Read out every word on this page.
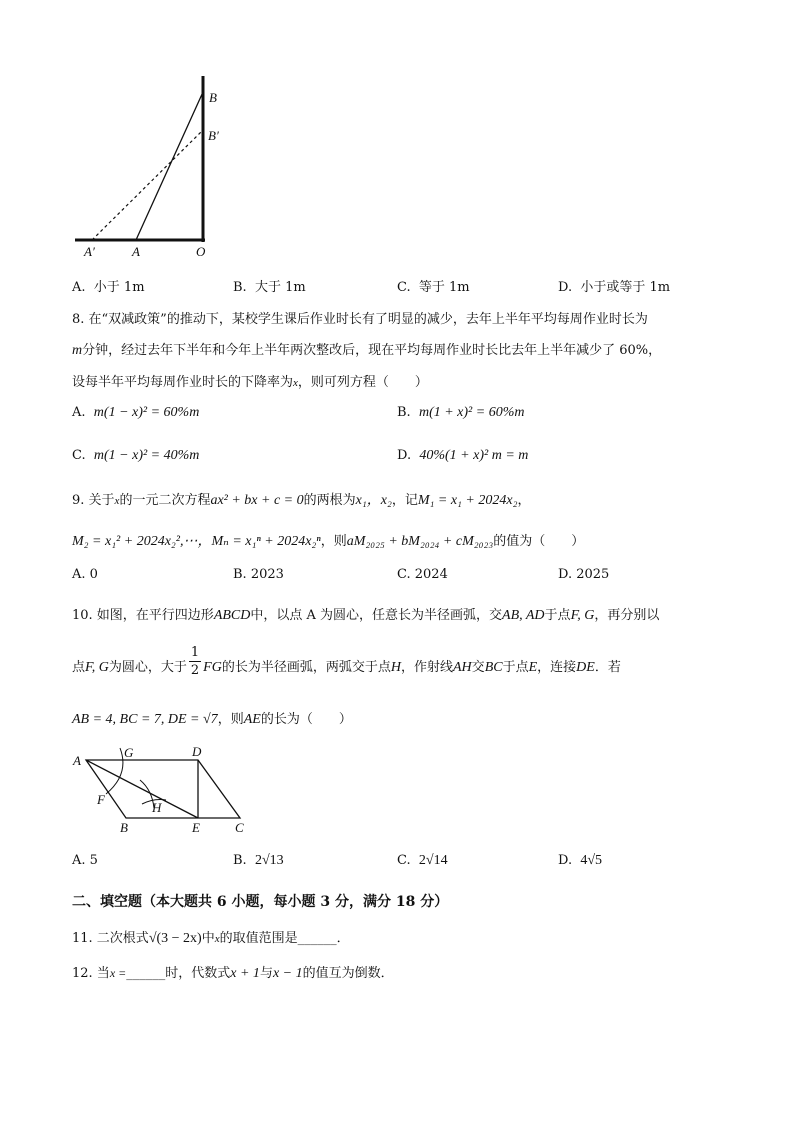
B
B′
A′	A	O
A. 小于 1m	B. 大于 1m	C. 等于 1m	D. 小于或等于 1m
8. 在“双减政策”的推动下，某校学生课后作业时长有了明显的减少，去年上半年平均每周作业时长为
m分钟，经过去年下半年和今年上半年两次整改后，现在平均每周作业时长比去年上半年减少了 60%，
设每半年平均每周作业时长的下降率为x，则可列方程（　　）
A. m(1 − x)² = 60%m	B. m(1 + x)² = 60%m
C. m(1 − x)² = 40%m	D. 40%(1 + x)² m = m
9. 关于x的一元二次方程ax² + bx + c = 0的两根为x₁，x₂，记M₁ = x₁ + 2024x₂，
M₂ = x₁² + 2024x₂²,⋯，Mₙ = x₁ⁿ + 2024x₂ⁿ，则aM₂₀₂₅ + bM₂₀₂₄ + cM₂₀₂₃的值为（　　）
A. 0	B. 2023	C. 2024	D. 2025
10. 如图，在平行四边形ABCD中，以点 A 为圆心，任意长为半径画弧，交AB, AD于点F, G，再分别以
点F, G为圆心，大于 $\frac{1}{2}$ FG的长为半径画弧，两弧交于点H，作射线AH交BC于点E，连接DE．若
AB = 4, BC = 7, DE = √7，则AE的长为（　　）
A
G	D
F
H
B	E	C
A. 5	B. 2√13	C. 2√14	D. 4√5
二、填空题（本大题共 6 小题，每小题 3 分，满分 18 分）
11. 二次根式√(3 − 2x)中x的取值范围是______．
12. 当x =______时，代数式x + 1与x − 1的值互为倒数．
